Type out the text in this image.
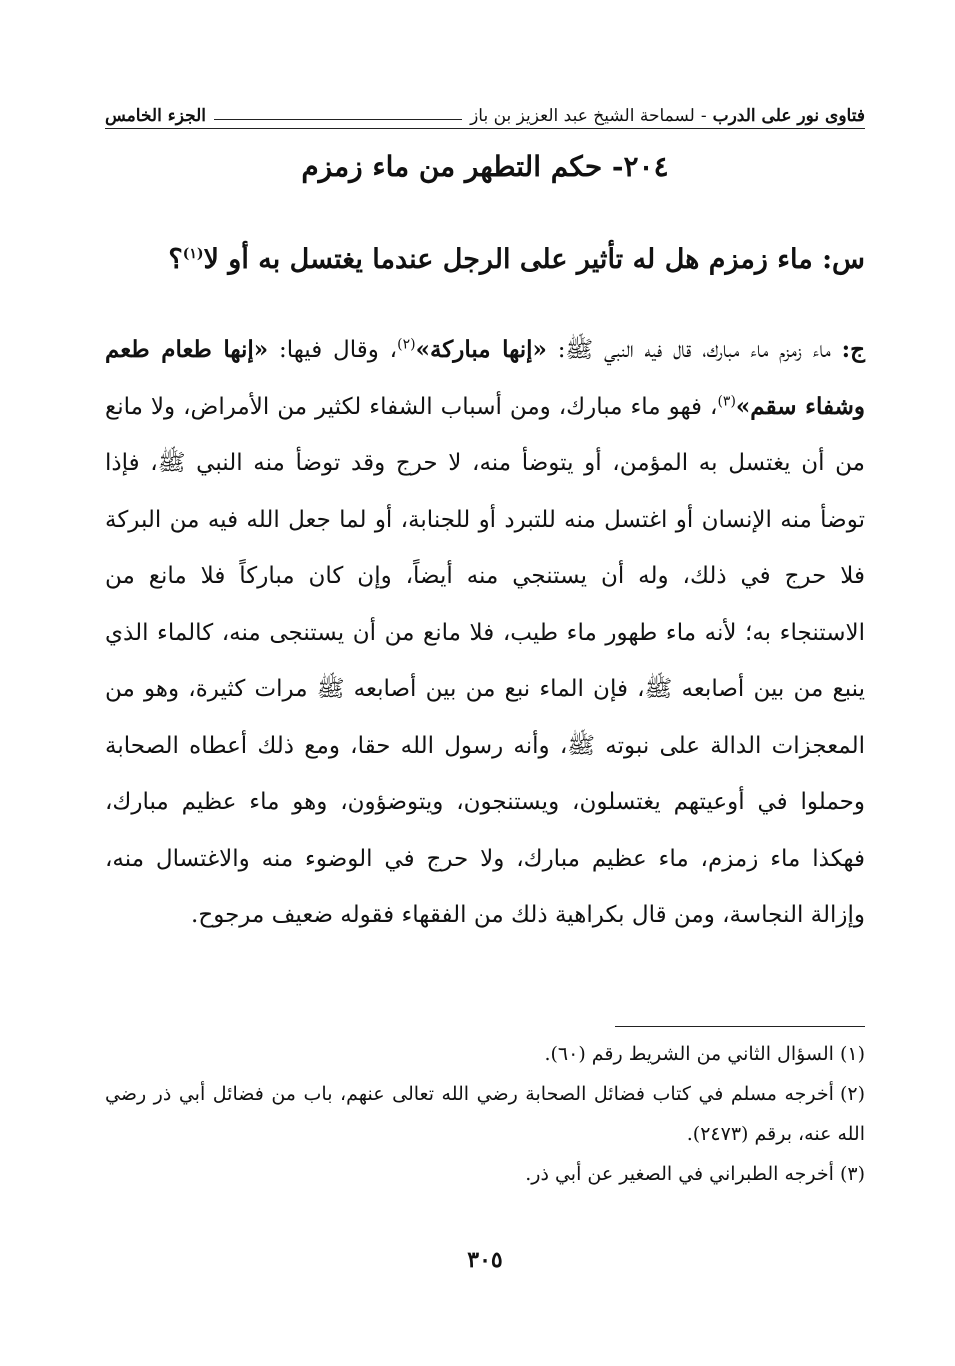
فتاوى نور على الدرب
-
لسماحة الشيخ عبد العزيز بن باز
الجزء الخامس
٢٠٤- حكم التطهر من ماء زمزم
س: ماء زمزم هل له تأثير على الرجل عندما يغتسل به أو لا$^{(١)}$؟
ج: ماء زمزم ماء مبارك، قال فيه النبي ﷺ: «إنها مباركة»$^{(٢)}$، وقال فيها: «إنها طعام طعم وشفاء سقم»$^{(٣)}$، فهو ماء مبارك، ومن أسباب الشفاء لكثير من الأمراض، ولا مانع من أن يغتسل به المؤمن، أو يتوضأ منه، لا حرج وقد توضأ منه النبي ﷺ، فإذا توضأ منه الإنسان أو اغتسل منه للتبرد أو للجنابة، أو لما جعل الله فيه من البركة فلا حرج في ذلك، وله أن يستنجي منه أيضاً، وإن كان مباركاً فلا مانع من الاستنجاء به؛ لأنه ماء طهور ماء طيب، فلا مانع من أن يستنجى منه، كالماء الذي ينبع من بين أصابعه ﷺ، فإن الماء نبع من بين أصابعه ﷺ مرات كثيرة، وهو من المعجزات الدالة على نبوته ﷺ، وأنه رسول الله حقا، ومع ذلك أعطاه الصحابة وحملوا في أوعيتهم يغتسلون، ويستنجون، ويتوضؤون، وهو ماء عظيم مبارك، فهكذا ماء زمزم، ماء عظيم مبارك، ولا حرج في الوضوء منه والاغتسال منه، وإزالة النجاسة، ومن قال بكراهية ذلك من الفقهاء فقوله ضعيف مرجوح.

(١)السؤال الثاني من الشريط رقم (٦٠).

(٢)أخرجه مسلم في كتاب فضائل الصحابة رضي الله تعالى عنهم، باب من فضائل أبي ذر رضي الله عنه، برقم (٢٤٧٣).

(٣)أخرجه الطبراني في الصغير عن أبي ذر.

٣٠٥
